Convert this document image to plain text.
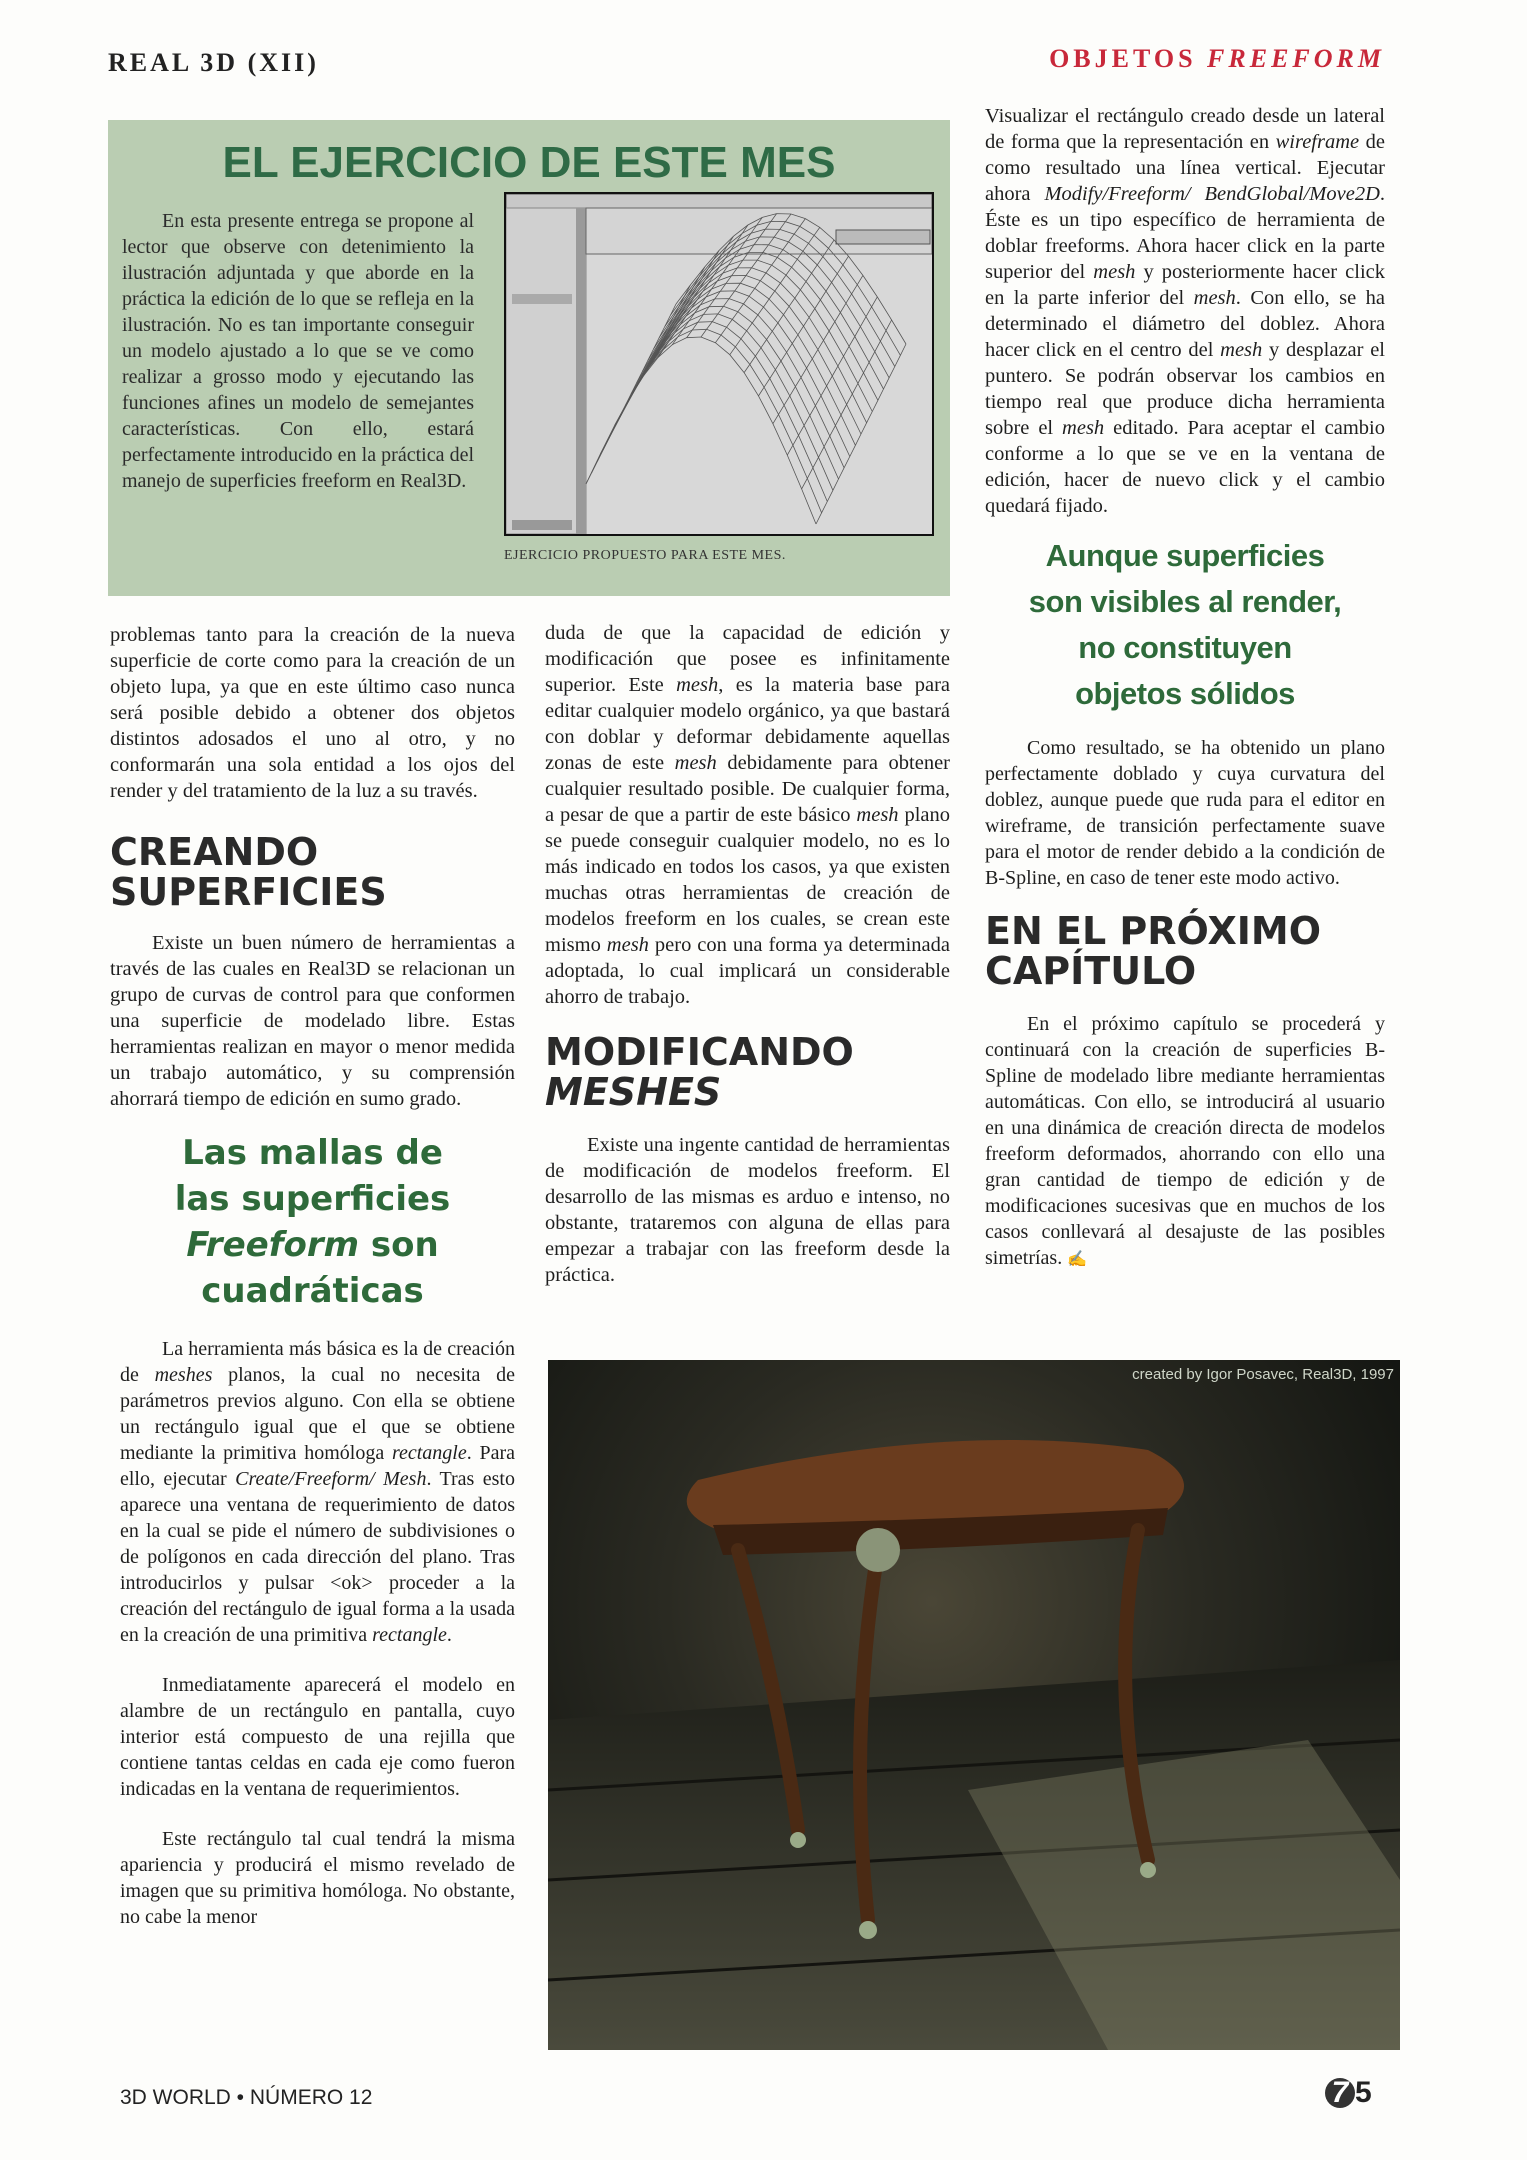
REAL 3D (XII)	OBJETOS FREEFORM
EL EJERCICIO DE ESTE MES
En esta presente entrega se propone al lector que observe con detenimiento la ilustración adjuntada y que aborde en la práctica la edición de lo que se refleja en la ilustración. No es tan importante conseguir un modelo ajustado a lo que se ve como realizar a grosso modo y ejecutando las funciones afines un modelo de semejantes características. Con ello, estará perfectamente introducido en la práctica del manejo de superficies freeform en Real3D.
EJERCICIO PROPUESTO PARA ESTE MES.
problemas tanto para la creación de la nueva superficie de corte como para la creación de un objeto lupa, ya que en este último caso nunca será posible debido a obtener dos objetos distintos adosados el uno al otro, y no conformarán una sola entidad a los ojos del render y del tratamiento de la luz a su través.
CREANDO
SUPERFICIES
Existe un buen número de herramientas a través de las cuales en Real3D se relacionan un grupo de curvas de control para que conformen una superficie de modelado libre. Estas herramientas realizan en mayor o menor medida un trabajo automático, y su comprensión ahorrará tiempo de edición en sumo grado.
Las mallas de
las superficies
Freeform son
cuadráticas
La herramienta más básica es la de creación de meshes planos, la cual no necesita de parámetros previos alguno. Con ella se obtiene un rectángulo igual que el que se obtiene mediante la primitiva homóloga rectangle. Para ello, ejecutar Create/Freeform/ Mesh. Tras esto aparece una ventana de requerimiento de datos en la cual se pide el número de subdivisiones o de polígonos en cada dirección del plano. Tras introducirlos y pulsar <ok> proceder a la creación del rectángulo de igual forma a la usada en la creación de una primitiva rectangle.
Inmediatamente aparecerá el modelo en alambre de un rectángulo en pantalla, cuyo interior está compuesto de una rejilla que contiene tantas celdas en cada eje como fueron indicadas en la ventana de requerimientos.
Este rectángulo tal cual tendrá la misma apariencia y producirá el mismo revelado de imagen que su primitiva homóloga. No obstante, no cabe la menor
duda de que la capacidad de edición y modificación que posee es infinitamente superior. Este mesh, es la materia base para editar cualquier modelo orgánico, ya que bastará con doblar y deformar debidamente aquellas zonas de este mesh debidamente para obtener cualquier resultado posible. De cualquier forma, a pesar de que a partir de este básico mesh plano se puede conseguir cualquier modelo, no es lo más indicado en todos los casos, ya que existen muchas otras herramientas de creación de modelos freeform en los cuales, se crean este mismo mesh pero con una forma ya determinada adoptada, lo cual implicará un considerable ahorro de trabajo.
MODIFICANDO
MESHES
Existe una ingente cantidad de herramientas de modificación de modelos freeform. El desarrollo de las mismas es arduo e intenso, no obstante, trataremos con alguna de ellas para empezar a trabajar con las freeform desde la práctica.
Visualizar el rectángulo creado desde un lateral de forma que la representación en wireframe de como resultado una línea vertical. Ejecutar ahora Modify/Freeform/ BendGlobal/Move2D. Éste es un tipo específico de herramienta de doblar freeforms. Ahora hacer click en la parte superior del mesh y posteriormente hacer click en la parte inferior del mesh. Con ello, se ha determinado el diámetro del doblez. Ahora hacer click en el centro del mesh y desplazar el puntero. Se podrán observar los cambios en tiempo real que produce dicha herramienta sobre el mesh editado. Para aceptar el cambio conforme a lo que se ve en la ventana de edición, hacer de nuevo click y el cambio quedará fijado.
Aunque superficies
son visibles al render,
no constituyen
objetos sólidos
Como resultado, se ha obtenido un plano perfectamente doblado y cuya curvatura del doblez, aunque puede que ruda para el editor en wireframe, de transición perfectamente suave para el motor de render debido a la condición de B-Spline, en caso de tener este modo activo.
EN EL PRÓXIMO
CAPÍTULO
En el próximo capítulo se procederá y continuará con la creación de superficies B-Spline de modelado libre mediante herramientas automáticas. Con ello, se introducirá al usuario en una dinámica de creación directa de modelos freeform deformados, ahorrando con ello una gran cantidad de tiempo de edición y de modificaciones sucesivas que en muchos de los casos conllevará al desajuste de las posibles simetrías. ✍
created by Igor Posavec, Real3D, 1997
3D WORLD • NÚMERO 12	7 5
